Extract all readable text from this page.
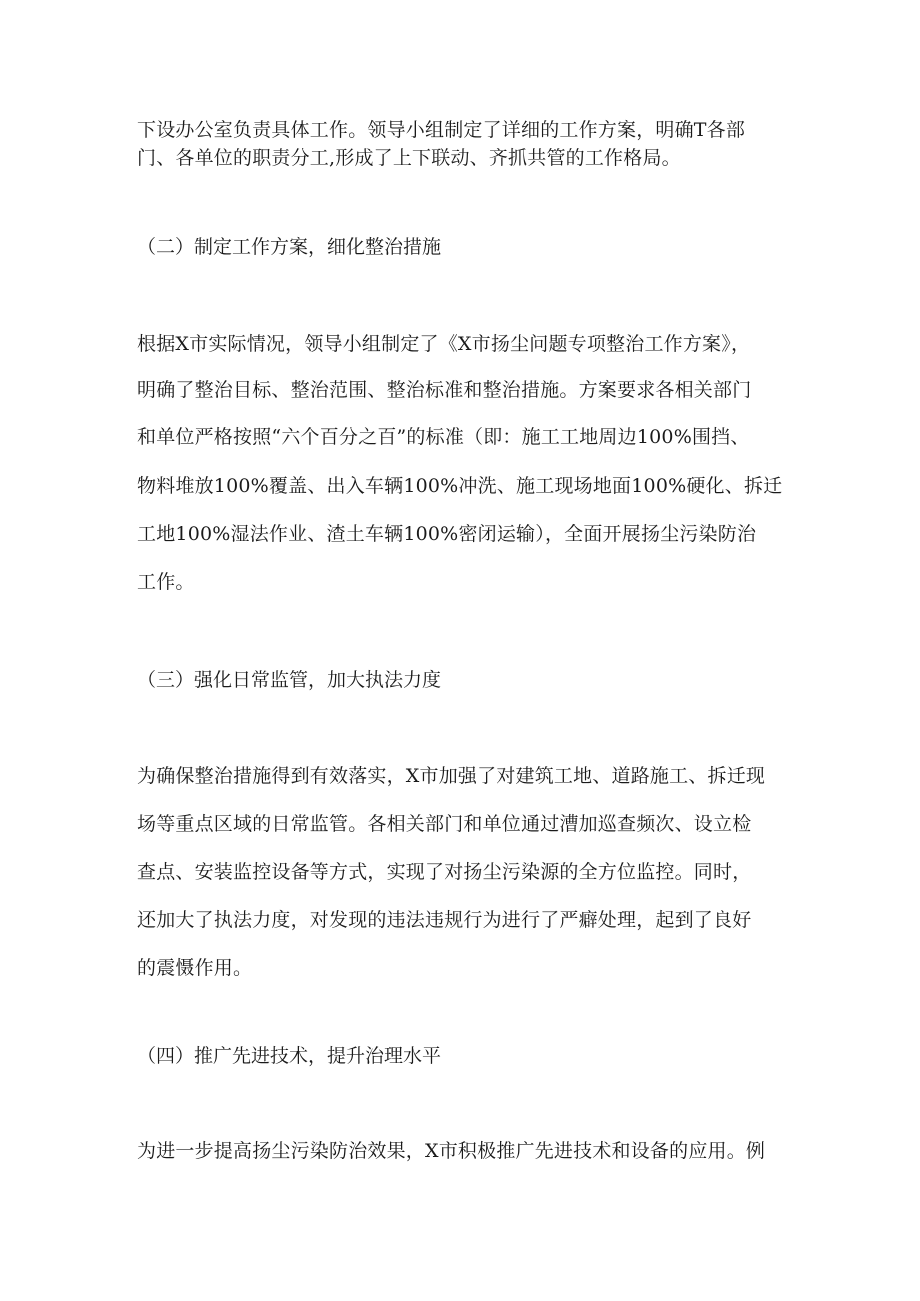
下设办公室负责具体工作。领导小组制定了详细的工作方案，明确T各部
门、各单位的职责分工,形成了上下联动、齐抓共管的工作格局。
（二）制定工作方案，细化整治措施
根据X市实际情况，领导小组制定了《X市扬尘问题专项整治工作方案》，
明确了整治目标、整治范围、整治标准和整治措施。方案要求各相关部门
和单位严格按照“六个百分之百”的标准（即：施工工地周边100%围挡、
物料堆放100%覆盖、出入车辆100%冲洗、施工现场地面100%硬化、拆迁
工地100%湿法作业、渣土车辆100%密闭运输），全面开展扬尘污染防治
工作。
（三）强化日常监管，加大执法力度
为确保整治措施得到有效落实，X市加强了对建筑工地、道路施工、拆迁现
场等重点区域的日常监管。各相关部门和单位通过漕加巡查频次、设立检
查点、安装监控设备等方式，实现了对扬尘污染源的全方位监控。同时，
还加大了执法力度，对发现的违法违规行为进行了严癖处理，起到了良好
的震慑作用。
（四）推广先进技术，提升治理水平
为进一步提高扬尘污染防治效果，X市积极推广先进技术和设备的应用。例
